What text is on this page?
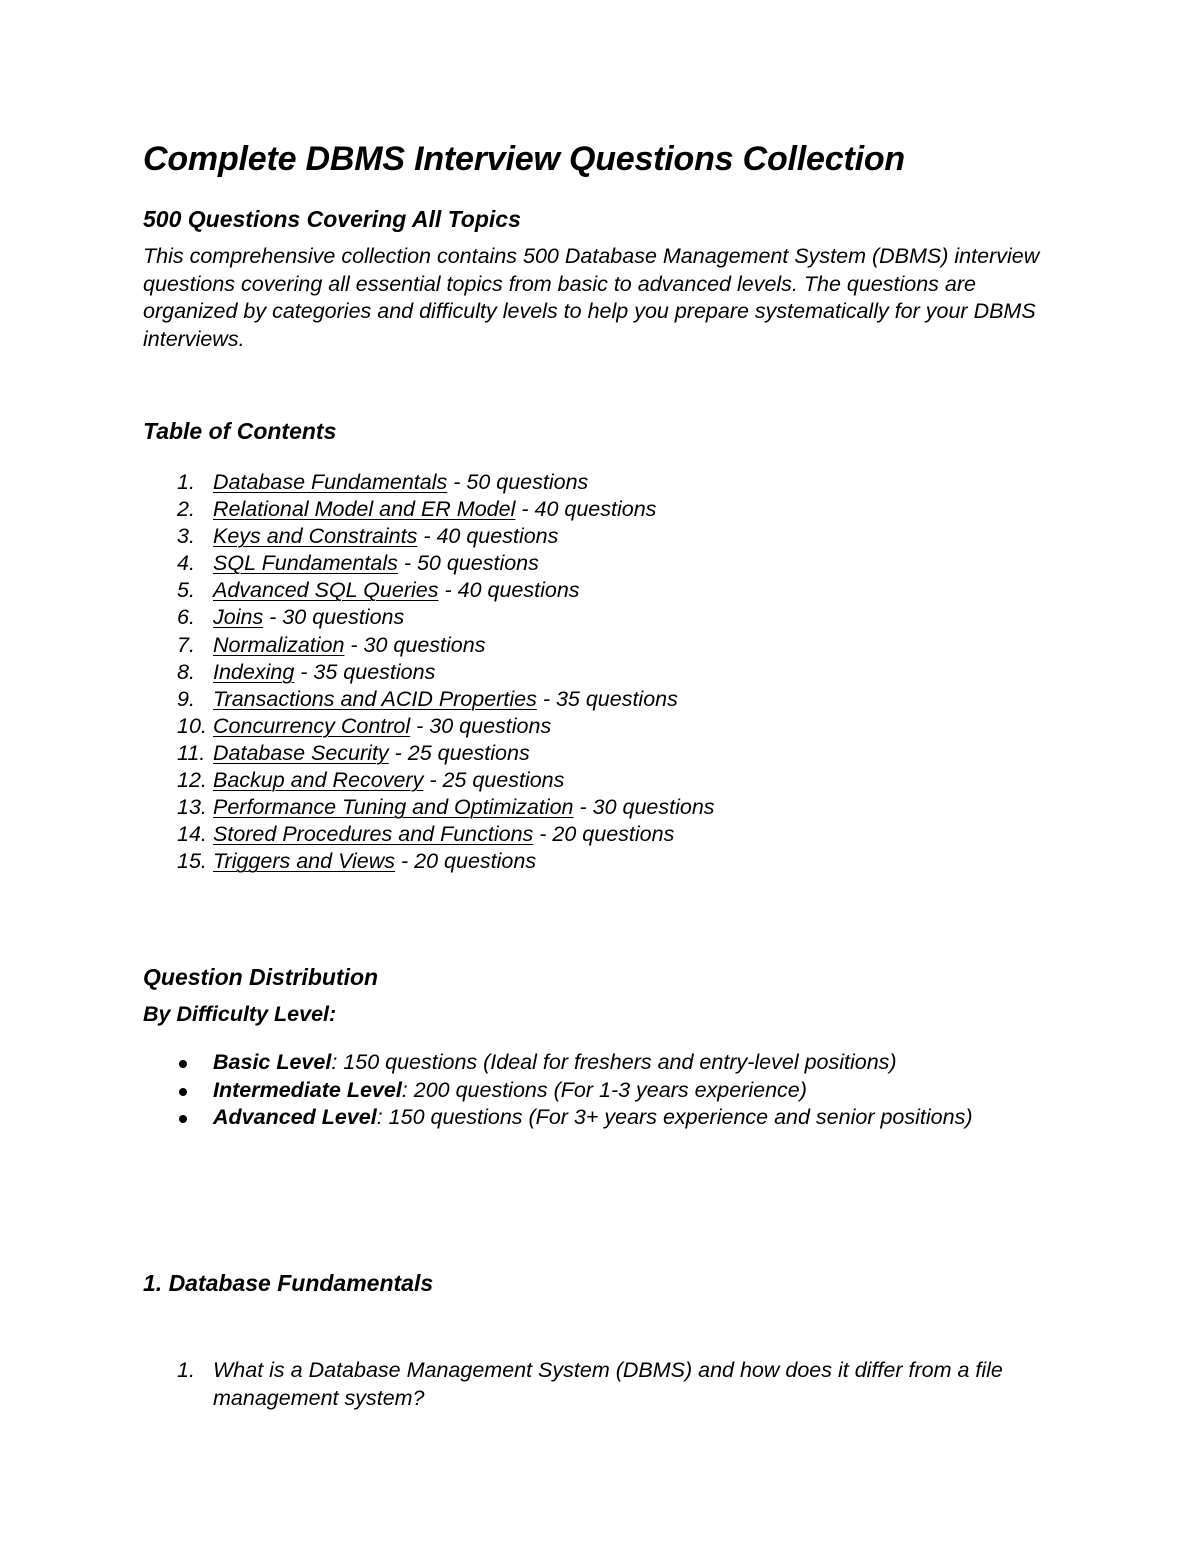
Complete DBMS Interview Questions Collection
500 Questions Covering All Topics

This comprehensive collection contains 500 Database Management System (DBMS) interview questions covering all essential topics from basic to advanced levels. The questions are organized by categories and difficulty levels to help you prepare systematically for your DBMS interviews.

Table of Contents
1. Database Fundamentals - 50 questions
2. Relational Model and ER Model - 40 questions
3. Keys and Constraints - 40 questions
4. SQL Fundamentals - 50 questions
5. Advanced SQL Queries - 40 questions
6. Joins - 30 questions
7. Normalization - 30 questions
8. Indexing - 35 questions
9. Transactions and ACID Properties - 35 questions
10. Concurrency Control - 30 questions
11. Database Security - 25 questions
12. Backup and Recovery - 25 questions
13. Performance Tuning and Optimization - 30 questions
14. Stored Procedures and Functions - 20 questions
15. Triggers and Views - 20 questions
Question Distribution
By Difficulty Level:
Basic Level: 150 questions (Ideal for freshers and entry-level positions)
Intermediate Level: 200 questions (For 1-3 years experience)
Advanced Level: 150 questions (For 3+ years experience and senior positions)
1. Database Fundamentals
1. What is a Database Management System (DBMS) and how does it differ from a file management system?
